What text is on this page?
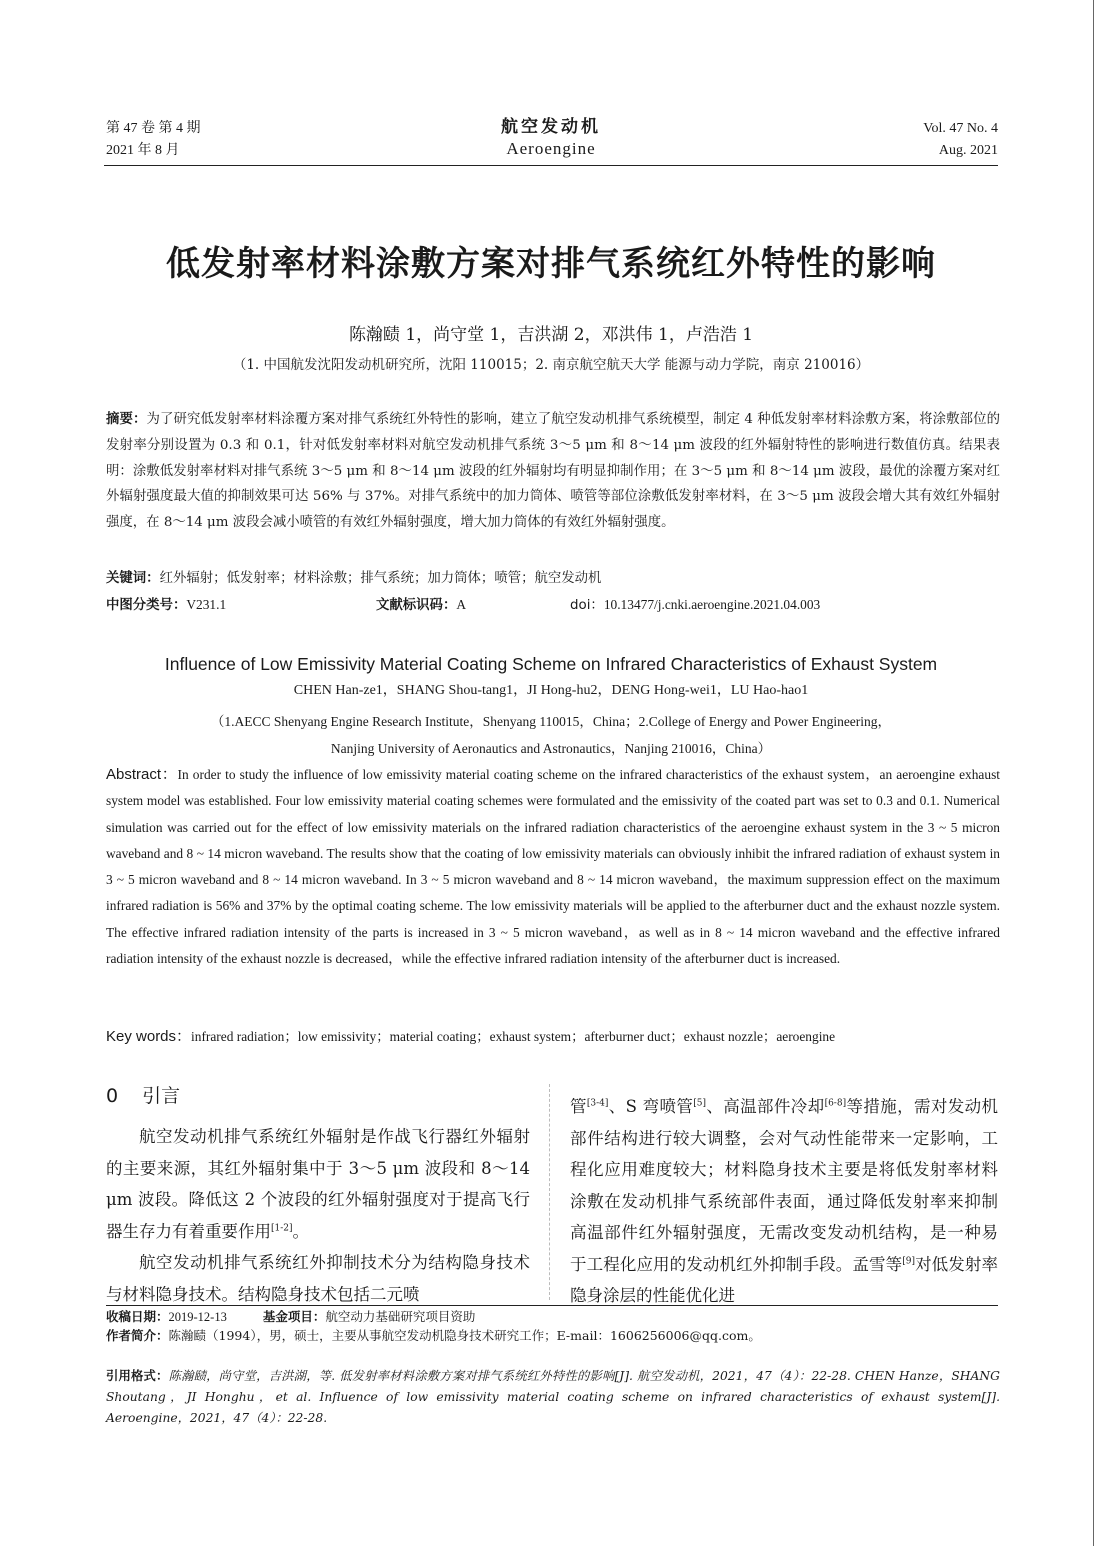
第 47 卷 第 4 期
2021 年 8 月
航空发动机
Aeroengine
Vol. 47 No. 4
Aug. 2021
低发射率材料涂敷方案对排气系统红外特性的影响
陈瀚赜 1，尚守堂 1，吉洪湖 2，邓洪伟 1，卢浩浩 1
（1. 中国航发沈阳发动机研究所，沈阳 110015；2. 南京航空航天大学 能源与动力学院，南京 210016）
摘要：为了研究低发射率材料涂覆方案对排气系统红外特性的影响，建立了航空发动机排气系统模型，制定 4 种低发射率材料涂敷方案，将涂敷部位的发射率分别设置为 0.3 和 0.1，针对低发射率材料对航空发动机排气系统 3～5 μm 和 8～14 μm 波段的红外辐射特性的影响进行数值仿真。结果表明：涂敷低发射率材料对排气系统 3～5 μm 和 8～14 μm 波段的红外辐射均有明显抑制作用；在 3～5 μm 和 8～14 μm 波段，最优的涂覆方案对红外辐射强度最大值的抑制效果可达 56% 与 37%。对排气系统中的加力筒体、喷管等部位涂敷低发射率材料，在 3～5 μm 波段会增大其有效红外辐射强度，在 8～14 μm 波段会减小喷管的有效红外辐射强度，增大加力筒体的有效红外辐射强度。
关键词：红外辐射；低发射率；材料涂敷；排气系统；加力筒体；喷管；航空发动机
中图分类号：V231.1	文献标识码：A	doi：10.13477/j.cnki.aeroengine.2021.04.003
Influence of Low Emissivity Material Coating Scheme on Infrared Characteristics of Exhaust System
CHEN Han-ze1，SHANG Shou-tang1，JI Hong-hu2，DENG Hong-wei1，LU Hao-hao1
（1.AECC Shenyang Engine Research Institute，Shenyang 110015，China；2.College of Energy and Power Engineering，
Nanjing University of Aeronautics and Astronautics，Nanjing 210016，China）
Abstract：In order to study the influence of low emissivity material coating scheme on the infrared characteristics of the exhaust system，an aeroengine exhaust system model was established. Four low emissivity material coating schemes were formulated and the emissivity of the coated part was set to 0.3 and 0.1. Numerical simulation was carried out for the effect of low emissivity materials on the infrared radiation characteristics of the aeroengine exhaust system in the 3 ~ 5 micron waveband and 8 ~ 14 micron waveband. The results show that the coating of low emissivity materials can obviously inhibit the infrared radiation of exhaust system in 3 ~ 5 micron waveband and 8 ~ 14 micron waveband. In 3 ~ 5 micron waveband and 8 ~ 14 micron waveband，the maximum suppression effect on the maximum infrared radiation is 56% and 37% by the optimal coating scheme. The low emissivity materials will be applied to the afterburner duct and the exhaust nozzle system. The effective infrared radiation intensity of the parts is increased in 3 ~ 5 micron waveband，as well as in 8 ~ 14 micron waveband and the effective infrared radiation intensity of the exhaust nozzle is decreased，while the effective infrared radiation intensity of the afterburner duct is increased.
Key words：infrared radiation；low emissivity；material coating；exhaust system；afterburner duct；exhaust nozzle；aeroengine
0 引言

航空发动机排气系统红外辐射是作战飞行器红外辐射的主要来源，其红外辐射集中于 3～5 μm 波段和 8～14 μm 波段。降低这 2 个波段的红外辐射强度对于提高飞行器生存力有着重要作用[1-2]。

航空发动机排气系统红外抑制技术分为结构隐身技术与材料隐身技术。结构隐身技术包括二元喷

管[3-4]、S 弯喷管[5]、高温部件冷却[6-8]等措施，需对发动机部件结构进行较大调整，会对气动性能带来一定影响，工程化应用难度较大；材料隐身技术主要是将低发射率材料涂敷在发动机排气系统部件表面，通过降低发射率来抑制高温部件红外辐射强度，无需改变发动机结构，是一种易于工程化应用的发动机红外抑制手段。孟雪等[9]对低发射率隐身涂层的性能优化进

收稿日期：2019-12-13	基金项目：航空动力基础研究项目资助
作者简介：陈瀚赜（1994），男，硕士，主要从事航空发动机隐身技术研究工作；E-mail：1606256006@qq.com。
引用格式：陈瀚赜，尚守堂，吉洪湖，等. 低发射率材料涂敷方案对排气系统红外特性的影响[J]. 航空发动机，2021，47（4）：22-28. CHEN Hanze，SHANG Shoutang，JI Honghu，et al. Influence of low emissivity material coating scheme on infrared characteristics of exhaust system[J]. Aeroengine，2021，47（4）：22-28.
